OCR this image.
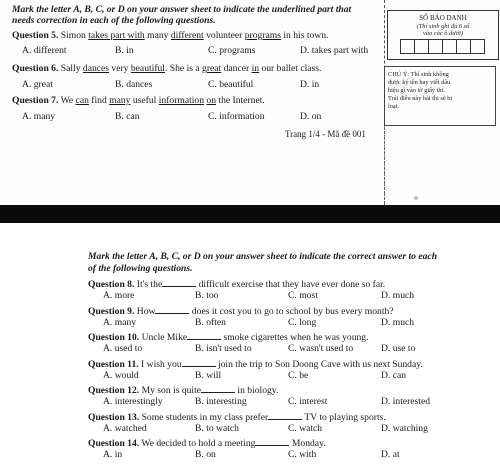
Mark the letter A, B, C, or D on your answer sheet to indicate the underlined part that
needs correction in each of the following questions.
Question 5. Simon takes part with many different volunteer programs in his town.
A. different	B. in	C. programs	D. takes part with
Question 6. Sally dances very beautiful. She is a great dancer in our ballet class.
A. great	B. dances	C. beautiful	D. in
Question 7. We can find many useful information on the Internet.
A. many	B. can	C. information	D. on
Trang 1/4 - Mã đề 001
SỐ BÁO DANH
(Thí sinh ghi đủ 6 số
vào các ô dưới)
CHÚ Ý: Thí sinh không
được ký tên hay viết dấu
hiệu gì vào tờ giấy thi.
Trái điều này bài thi sẽ bị
loại.
Mark the letter A, B, C, or D on your answer sheet to indicate the correct answer to each
of the following questions.
Question 8. It's the	difficult exercise that they have ever done so far.
A. more	B. too	C. most	D. much
Question 9. How	does it cost you to go to school by bus every month?
A. many	B. often	C. long	D. much
Question 10. Uncle Mike	smoke cigarettes when he was young.
A. used to	B. isn't used to	C. wasn't used to	D. use to
Question 11. I wish you	join the trip to Son Doong Cave with us next Sunday.
A. would	B. will	C. be	D. can
Question 12. My son is quite	in biology.
A. interestingly	B. interesting	C. interest	D. interested
Question 13. Some students in my class prefer	TV to playing sports.
A. watched	B. to watch	C. watch	D. watching
Question 14. We decided to hold a meeting	Monday.
A. in	B. on	C. with	D. at
